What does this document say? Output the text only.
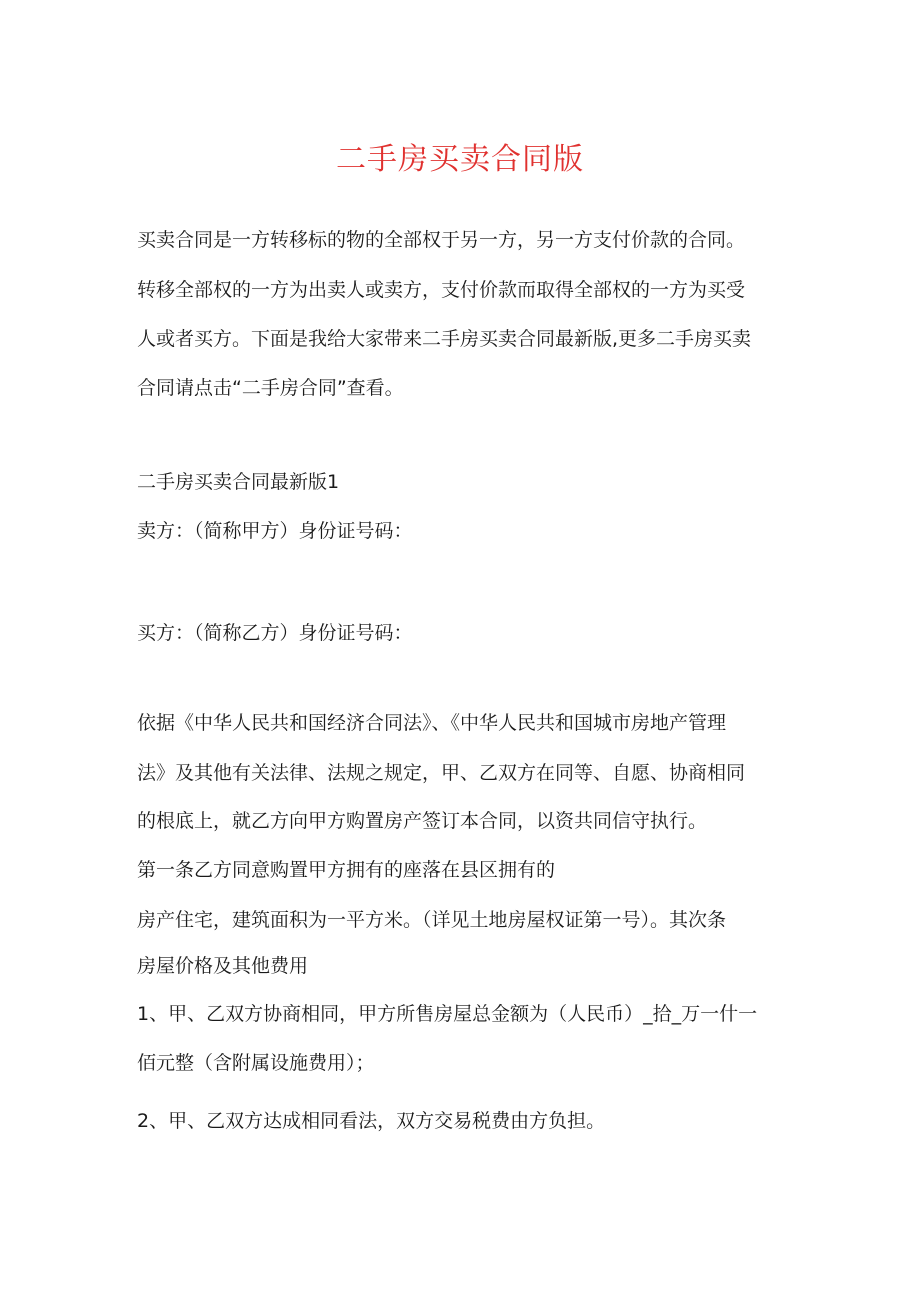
二手房买卖合同版
买卖合同是一方转移标的物的全部权于另一方，另一方支付价款的合同。
转移全部权的一方为出卖人或卖方，支付价款而取得全部权的一方为买受
人或者买方。下面是我给大家带来二手房买卖合同最新版,更多二手房买卖
合同请点击“二手房合同”查看。
二手房买卖合同最新版1
卖方：（简称甲方）身份证号码：
买方：（简称乙方）身份证号码：
依据《中华人民共和国经济合同法》、《中华人民共和国城市房地产管理
法》及其他有关法律、法规之规定，甲、乙双方在同等、自愿、协商相同
的根底上，就乙方向甲方购置房产签订本合同，以资共同信守执行。
第一条乙方同意购置甲方拥有的座落在县区拥有的
房产住宅，建筑面积为一平方米。（详见土地房屋权证第一号）。其次条
房屋价格及其他费用
1、甲、乙双方协商相同，甲方所售房屋总金额为（人民币）_拾_万一什一
佰元整（含附属设施费用）；
2、甲、乙双方达成相同看法，双方交易税费由方负担。
